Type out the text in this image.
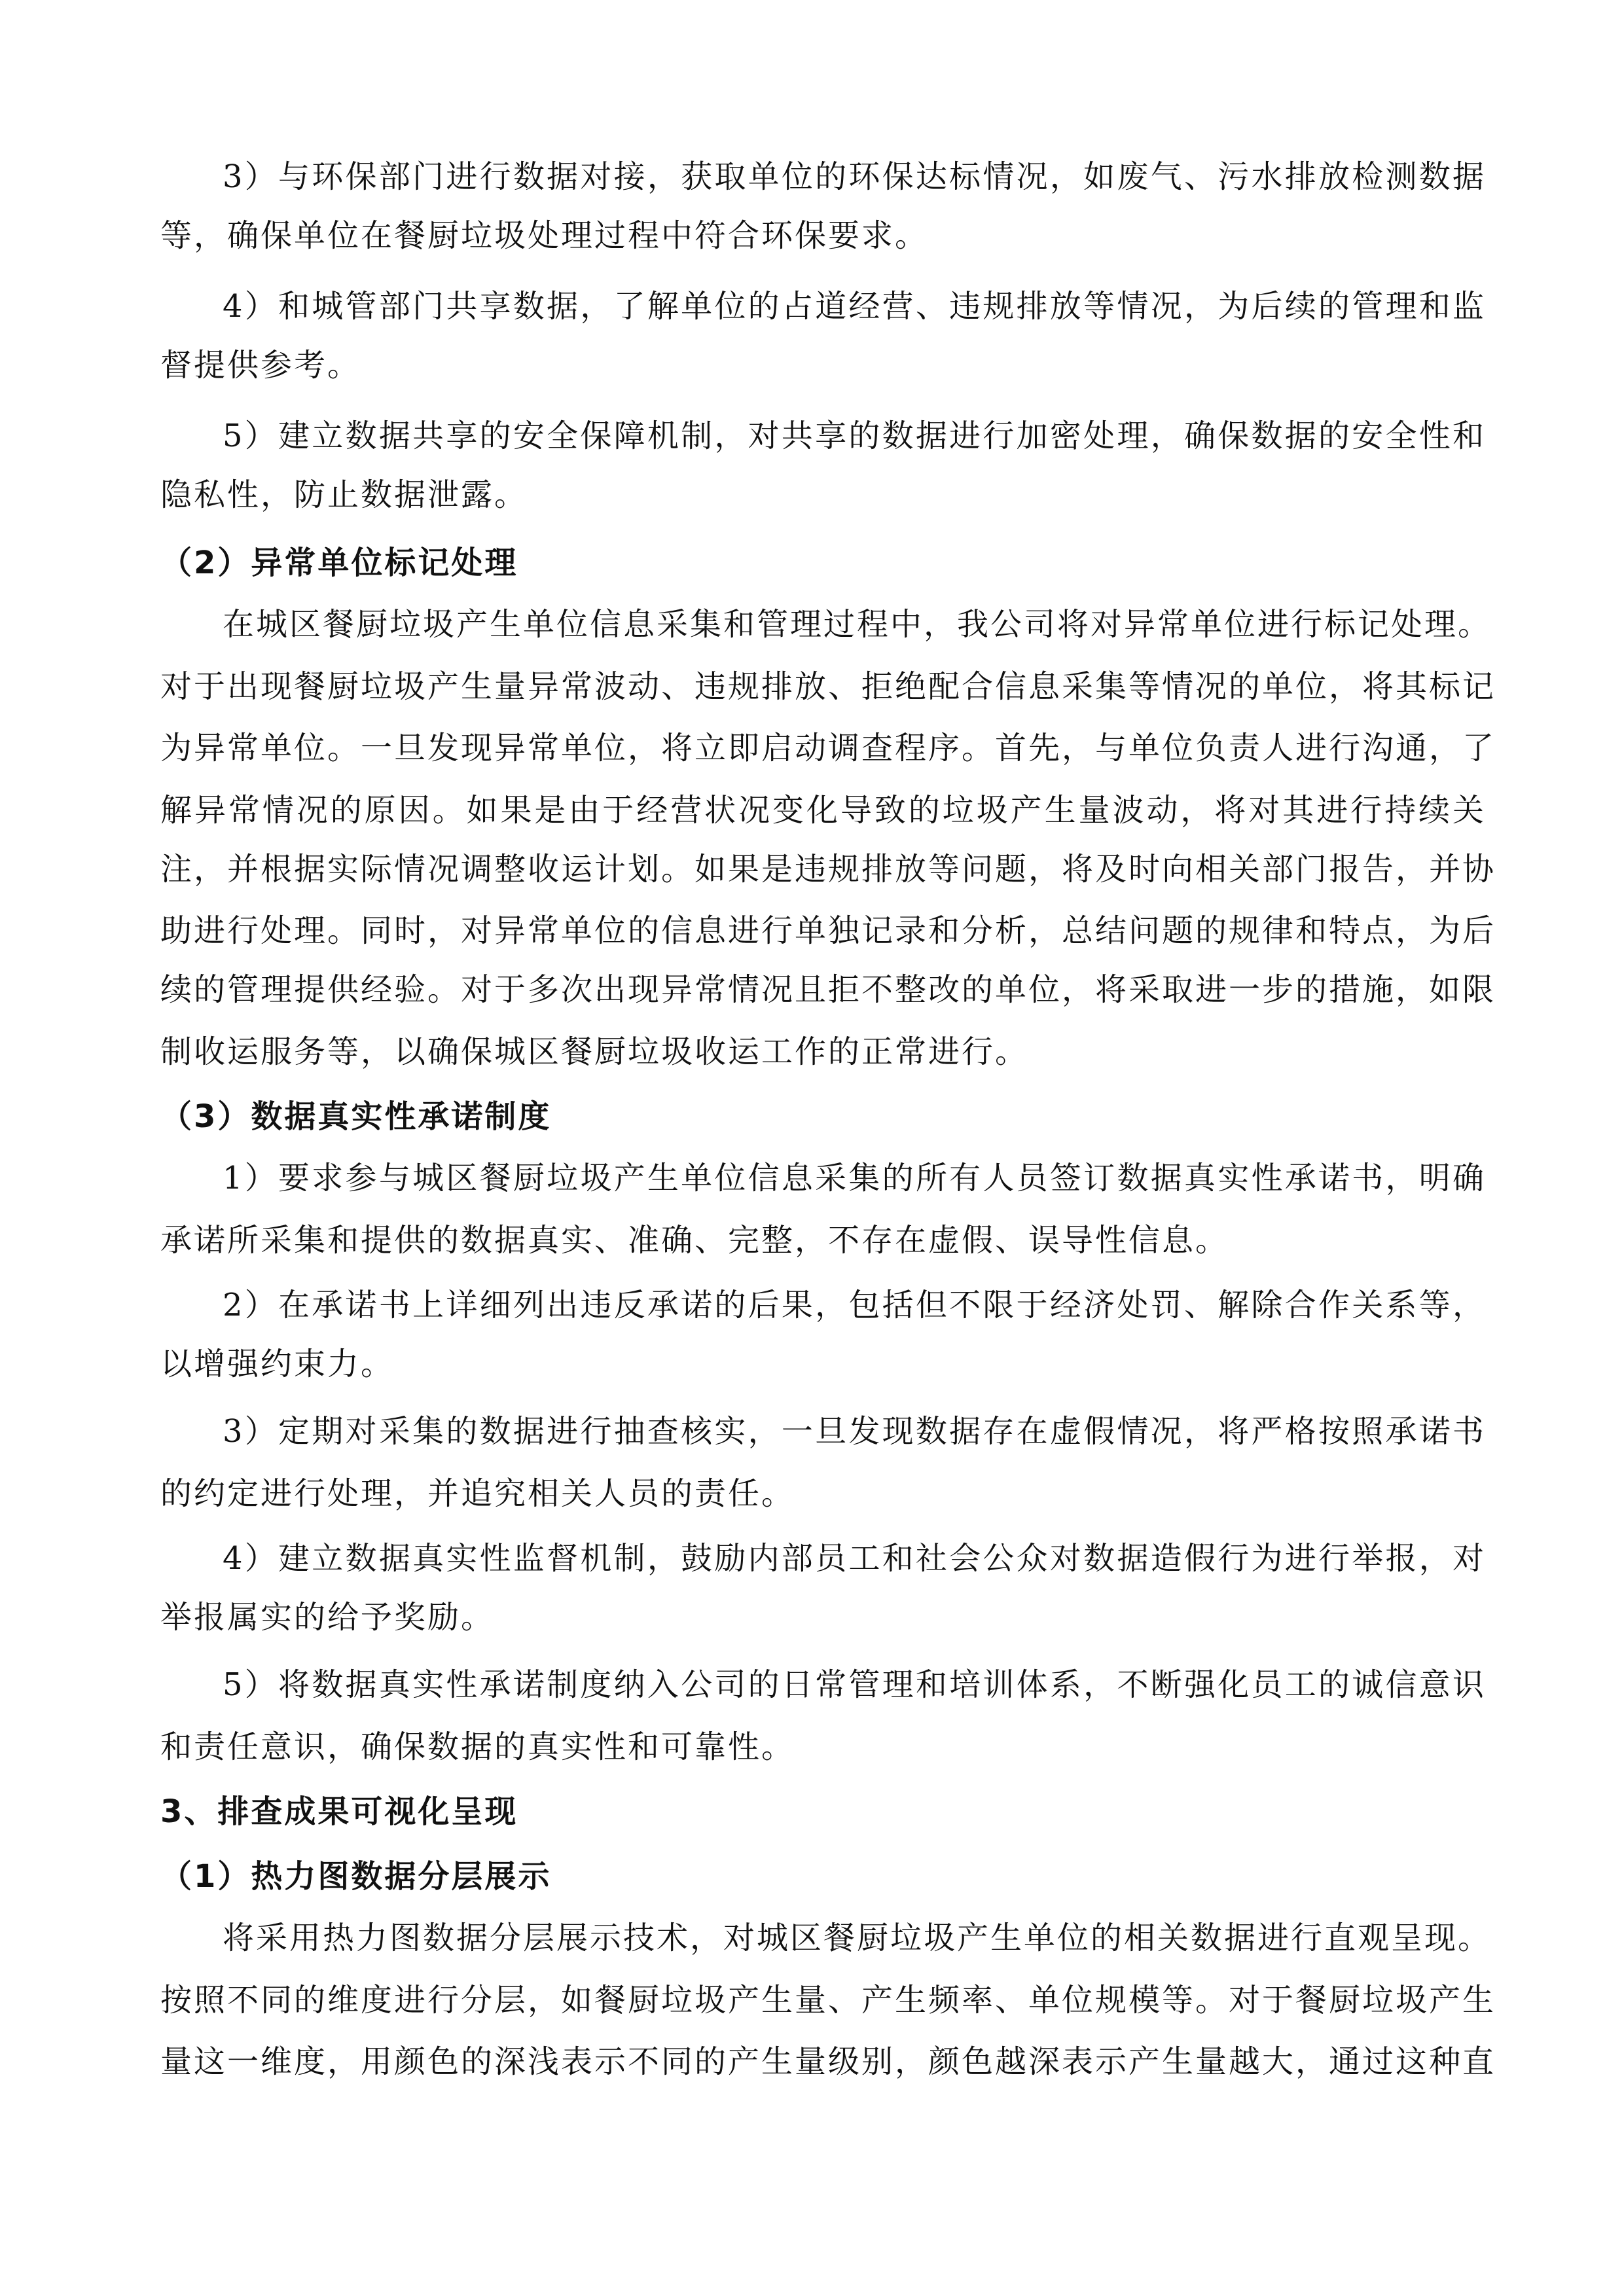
3）与环保部门进行数据对接，获取单位的环保达标情况，如废气、污水排放检测数据
等，确保单位在餐厨垃圾处理过程中符合环保要求。
4）和城管部门共享数据，了解单位的占道经营、违规排放等情况，为后续的管理和监
督提供参考。
5）建立数据共享的安全保障机制，对共享的数据进行加密处理，确保数据的安全性和
隐私性，防止数据泄露。
（2）异常单位标记处理
在城区餐厨垃圾产生单位信息采集和管理过程中，我公司将对异常单位进行标记处理。
对于出现餐厨垃圾产生量异常波动、违规排放、拒绝配合信息采集等情况的单位，将其标记
为异常单位。一旦发现异常单位，将立即启动调查程序。首先，与单位负责人进行沟通，了
解异常情况的原因。如果是由于经营状况变化导致的垃圾产生量波动，将对其进行持续关
注，并根据实际情况调整收运计划。如果是违规排放等问题，将及时向相关部门报告，并协
助进行处理。同时，对异常单位的信息进行单独记录和分析，总结问题的规律和特点，为后
续的管理提供经验。对于多次出现异常情况且拒不整改的单位，将采取进一步的措施，如限
制收运服务等，以确保城区餐厨垃圾收运工作的正常进行。
（3）数据真实性承诺制度
1）要求参与城区餐厨垃圾产生单位信息采集的所有人员签订数据真实性承诺书，明确
承诺所采集和提供的数据真实、准确、完整，不存在虚假、误导性信息。
2）在承诺书上详细列出违反承诺的后果，包括但不限于经济处罚、解除合作关系等，
以增强约束力。
3）定期对采集的数据进行抽查核实，一旦发现数据存在虚假情况，将严格按照承诺书
的约定进行处理，并追究相关人员的责任。
4）建立数据真实性监督机制，鼓励内部员工和社会公众对数据造假行为进行举报，对
举报属实的给予奖励。
5）将数据真实性承诺制度纳入公司的日常管理和培训体系，不断强化员工的诚信意识
和责任意识，确保数据的真实性和可靠性。
3、排查成果可视化呈现
（1）热力图数据分层展示
将采用热力图数据分层展示技术，对城区餐厨垃圾产生单位的相关数据进行直观呈现。
按照不同的维度进行分层，如餐厨垃圾产生量、产生频率、单位规模等。对于餐厨垃圾产生
量这一维度，用颜色的深浅表示不同的产生量级别，颜色越深表示产生量越大，通过这种直
